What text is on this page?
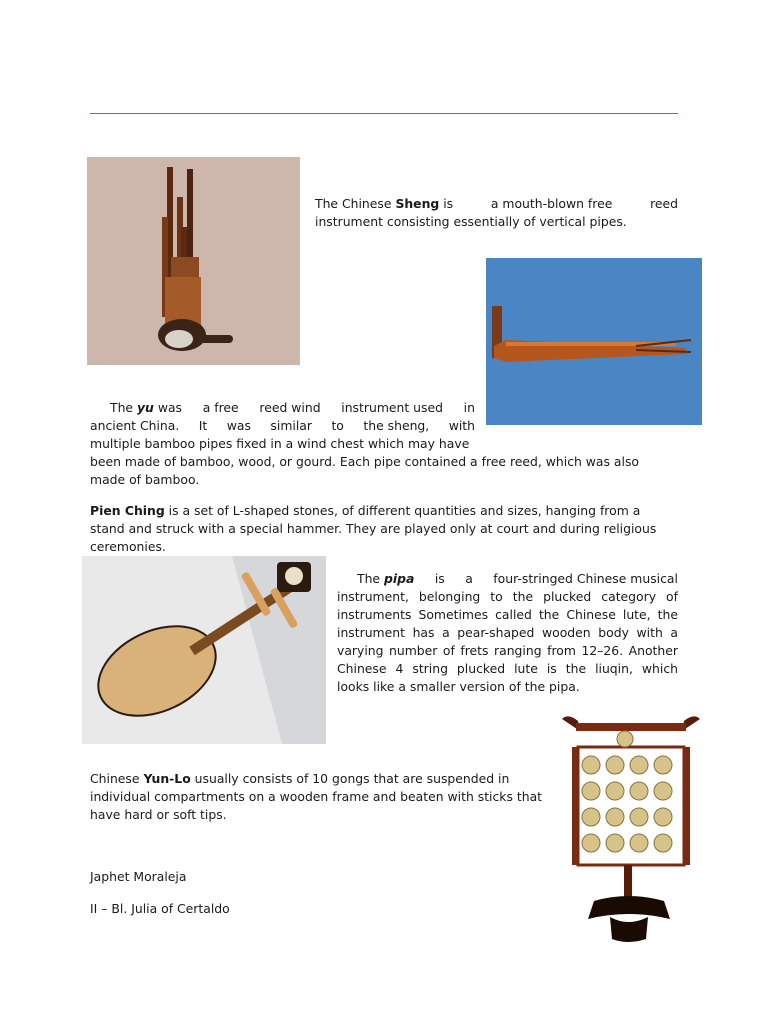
The Chinese Sheng is	a mouth-blown free	reed

instrument consisting essentially of vertical pipes.

The yu was a free reed wind instrument used in

ancient China. It was similar to the sheng, with

multiple bamboo pipes fixed in a wind chest which may have

been made of bamboo, wood, or gourd. Each pipe contained a free reed, which was also

made of bamboo.

Pien Ching is a set of L-shaped stones, of different quantities and sizes, hanging from a

stand and struck with a special hammer. They are played only at court and during religious

ceremonies.

The pipa is a four-stringed Chinese musical

instrument, belonging to the plucked category of

instruments Sometimes called the Chinese lute, the

instrument has a pear-shaped wooden body with a

varying number of frets ranging from 12–26. Another

Chinese 4 string plucked lute is the liuqin, which

looks like a smaller version of the pipa.

Chinese Yun-Lo usually consists of 10 gongs that are suspended in

individual compartments on a wooden frame and beaten with sticks that

have hard or soft tips.

Japhet Moraleja

II – Bl. Julia of Certaldo
